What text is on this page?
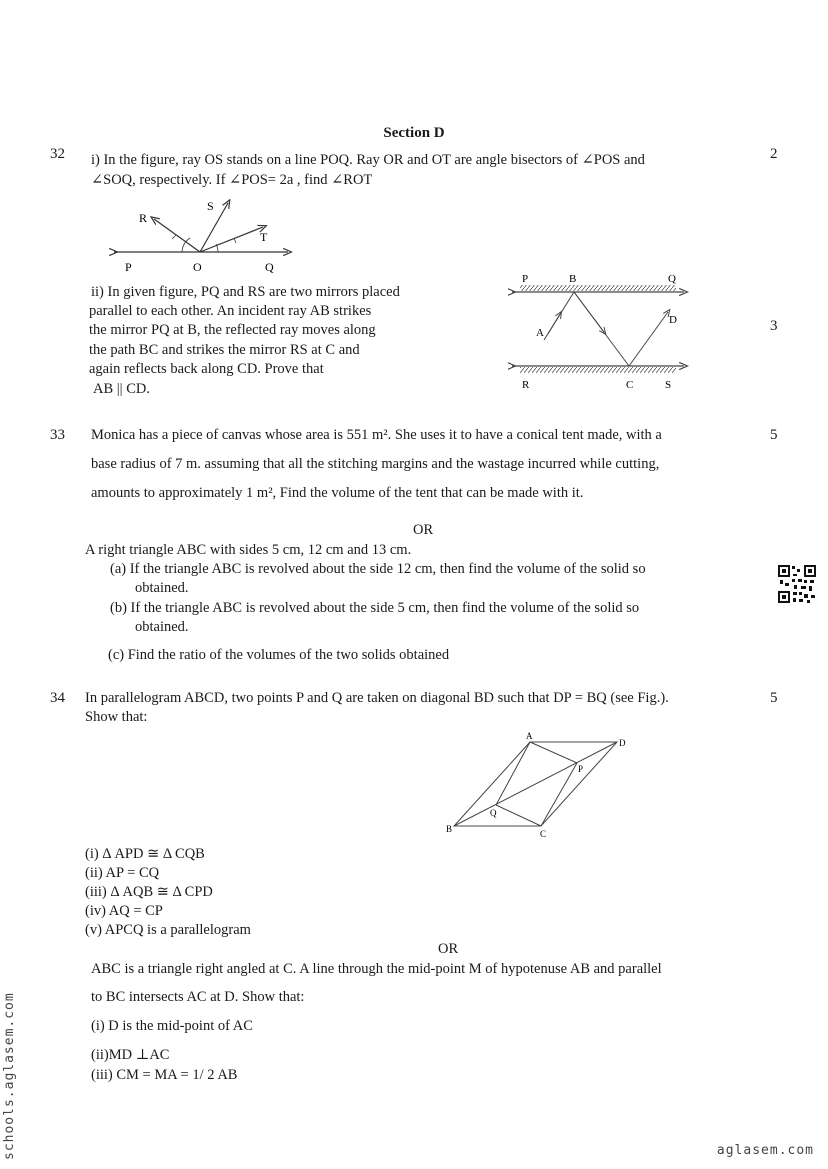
Section D
32	2
i) In the figure, ray OS stands on a line POQ. Ray OR and OT are angle bisectors of ∠POS and
∠SOQ, respectively. If ∠POS= 2a , find ∠ROT
R
S
T
P	O	Q
ii) In given figure, PQ and RS are two mirrors placed
parallel to each other. An incident ray AB strikes
the mirror PQ at B, the reflected ray moves along
the path BC and strikes the mirror RS at C and
again reflects back along CD. Prove that
AB || CD.
3
P	B	Q
A
D
R	C	S
33	5
Monica has a piece of canvas whose area is 551 m². She uses it to have a conical tent made, with a
base radius of 7 m. assuming that all the stitching margins and the wastage incurred while cutting,
amounts to approximately 1 m², Find the volume of the tent that can be made with it.
OR
A right triangle ABC with sides 5 cm, 12 cm and 13 cm.
(a) If the triangle ABC is revolved about the side 12 cm, then find the volume of the solid so
obtained.
(b) If the triangle ABC is revolved about the side 5 cm, then find the volume of the solid so
obtained.
(c) Find the ratio of the volumes of the two solids obtained
34	5
In parallelogram ABCD, two points P and Q are taken on diagonal BD such that DP = BQ (see Fig.).
Show that:
A
D
P
Q
B	C
(i) Δ APD ≅ Δ CQB
(ii) AP = CQ
(iii) Δ AQB ≅ Δ CPD
(iv) AQ = CP
(v) APCQ is a parallelogram
OR
ABC is a triangle right angled at C. A line through the mid-point M of hypotenuse AB and parallel
to BC intersects AC at D. Show that:
(i) D is the mid-point of AC
(ii)MD ⊥AC
(iii) CM = MA = 1/ 2 AB
schools.aglasem.com	aglasem.com
